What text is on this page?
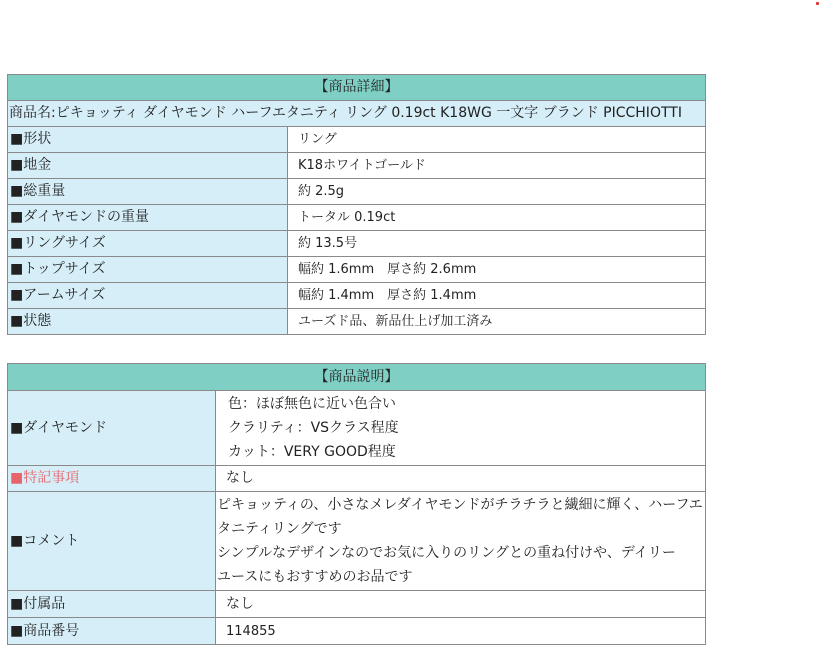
【商品詳細】	
商品名:ピキョッティ ダイヤモンド ハーフエタニティ リング 0.19ct K18WG 一文字 ブランド PICCHIOTTI	
■形状	リング
■地金	K18ホワイトゴールド
■総重量	約 2.5g
■ダイヤモンドの重量	トータル 0.19ct
■リングサイズ	約 13.5号
■トップサイズ	幅約 1.6mm　厚さ約 2.6mm
■アームサイズ	幅約 1.4mm　厚さ約 1.4mm
■状態	ユーズド品、新品仕上げ加工済み
【商品説明】	
■ダイヤモンド	色：ほぼ無色に近い色合い
クラリティ：VSクラス程度
カット：VERY GOOD程度

■特記事項	なし
■コメント	ピキョッティの、小さなメレダイヤモンドがチラチラと繊細に輝く、ハーフエ
タニティリングです
シンプルなデザインなのでお気に入りのリングとの重ね付けや、デイリー
ユースにもおすすめのお品です

■付属品	なし
■商品番号	114855
